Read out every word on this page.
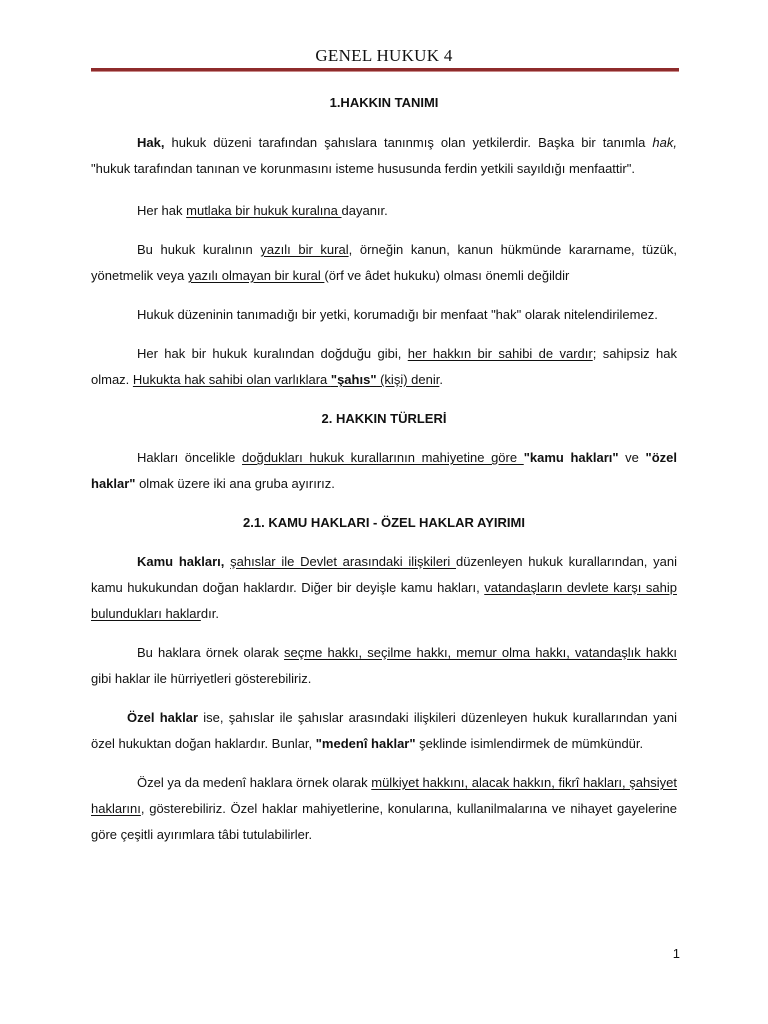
GENEL HUKUK 4
1.HAKKIN TANIMI

Hak, hukuk düzeni tarafından şahıslara tanınmış olan yetkilerdir. Başka bir tanımla hak, "hukuk tarafından tanınan ve korunmasını isteme hususunda ferdin yetkili sayıldığı menfaattir".

Her hak mutlaka bir hukuk kuralına dayanır.

Bu hukuk kuralının yazılı bir kural, örneğin kanun, kanun hükmünde kararname, tüzük, yönetmelik veya yazılı olmayan bir kural (örf ve âdet hukuku) olması önemli değildir

Hukuk düzeninin tanımadığı bir yetki, korumadığı bir menfaat "hak" olarak nitelendirilemez.

Her hak bir hukuk kuralından doğduğu gibi, her hakkın bir sahibi de vardır; sahipsiz hak olmaz. Hukukta hak sahibi olan varlıklara "şahıs" (kişi) denir.

2. HAKKIN TÜRLERİ

Hakları öncelikle doğdukları hukuk kurallarının mahiyetine göre "kamu hakları" ve "özel haklar" olmak üzere iki ana gruba ayırırız.

2.1. KAMU HAKLARI - ÖZEL HAKLAR AYIRIMI

Kamu hakları, şahıslar ile Devlet arasındaki ilişkileri düzenleyen hukuk kurallarından, yani kamu hukukundan doğan haklardır. Diğer bir deyişle kamu hakları, vatandaşların devlete karşı sahip bulundukları haklardır.

Bu haklara örnek olarak seçme hakkı, seçilme hakkı, memur olma hakkı, vatandaşlık hakkı gibi haklar ile hürriyetleri gösterebiliriz.

Özel haklar ise, şahıslar ile şahıslar arasındaki ilişkileri düzenleyen hukuk kurallarından yani özel hukuktan doğan haklardır. Bunlar, "medenî haklar" şeklinde isimlendirmek de mümkündür.

Özel ya da medenî haklara örnek olarak mülkiyet hakkını, alacak hakkın, fikrî hakları, şahsiyet haklarını, gösterebiliriz. Özel haklar mahiyetlerine, konularına, kullanilmalarına ve nihayet gayelerine göre çeşitli ayırımlara tâbi tutulabilirler.

1
